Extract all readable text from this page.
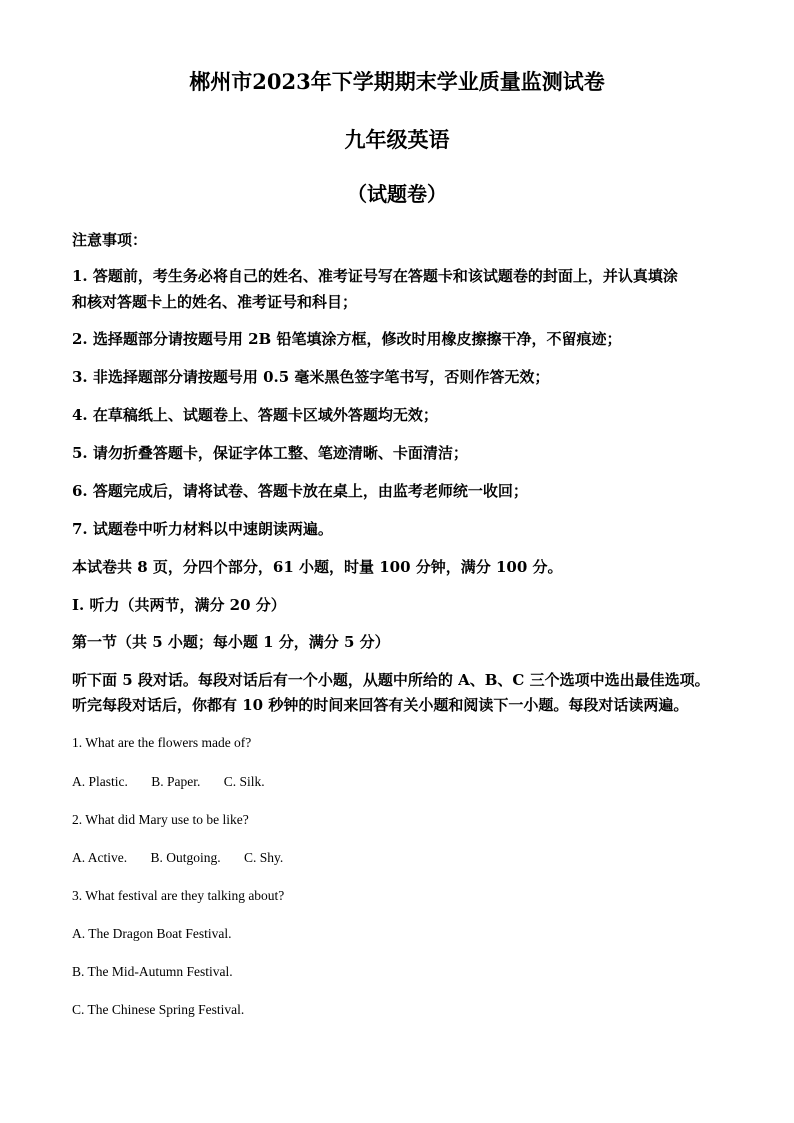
郴州市2023年下学期期末学业质量监测试卷
九年级英语
（试题卷）
注意事项：
1. 答题前，考生务必将自己的姓名、准考证号写在答题卡和该试题卷的封面上，并认真填涂
和核对答题卡上的姓名、准考证号和科目；
2. 选择题部分请按题号用 2B 铅笔填涂方框，修改时用橡皮擦擦干净，不留痕迹；
3. 非选择题部分请按题号用 0.5 毫米黑色签字笔书写，否则作答无效；
4. 在草稿纸上、试题卷上、答题卡区域外答题均无效；
5. 请勿折叠答题卡，保证字体工整、笔迹清晰、卡面清洁；
6. 答题完成后，请将试卷、答题卡放在桌上，由监考老师统一收回；
7. 试题卷中听力材料以中速朗读两遍。
本试卷共 8 页，分四个部分，61 小题，时量 100 分钟，满分 100 分。
Ⅰ. 听力（共两节，满分 20 分）
第一节（共 5 小题；每小题 1 分，满分 5 分）
听下面 5 段对话。每段对话后有一个小题，从题中所给的 A、B、C 三个选项中选出最佳选项。
听完每段对话后，你都有 10 秒钟的时间来回答有关小题和阅读下一小题。每段对话读两遍。
1. What are the flowers made of?
A. Plastic. B. Paper. C. Silk.
2. What did Mary use to be like?
A. Active. B. Outgoing. C. Shy.
3. What festival are they talking about?
A. The Dragon Boat Festival.
B. The Mid-Autumn Festival.
C. The Chinese Spring Festival.
